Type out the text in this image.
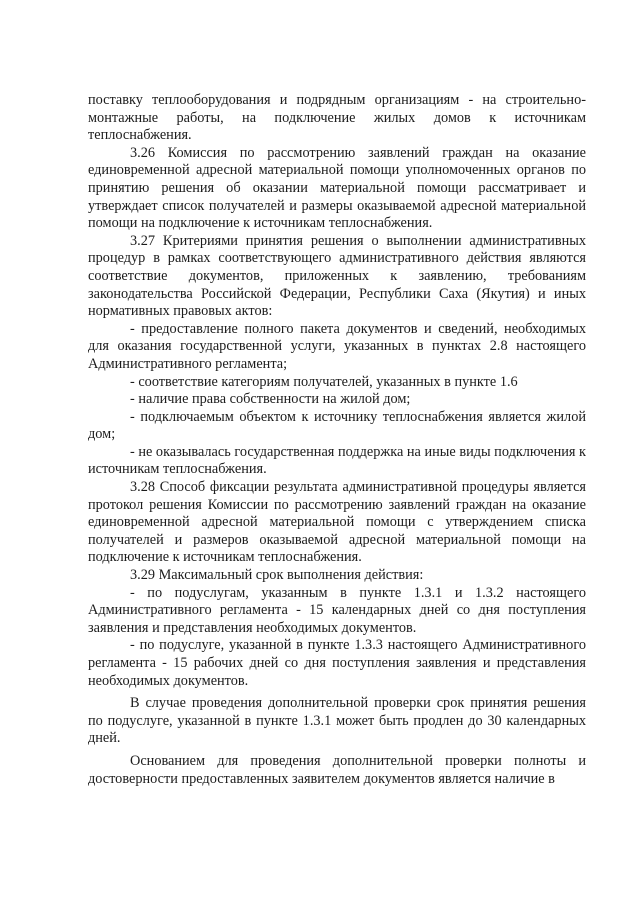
поставку теплооборудования и подрядным организациям - на строительно-монтажные работы, на подключение жилых домов к источникам теплоснабжения.

3.26 Комиссия по рассмотрению заявлений граждан на оказание единовременной адресной материальной помощи уполномоченных органов по принятию решения об оказании материальной помощи рассматривает и утверждает список получателей и размеры оказываемой адресной материальной помощи на подключение к источникам теплоснабжения.

3.27 Критериями принятия решения о выполнении административных процедур в рамках соответствующего административного действия являются соответствие документов, приложенных к заявлению, требованиям законодательства Российской Федерации, Республики Саха (Якутия) и иных нормативных правовых актов:

- предоставление полного пакета документов и сведений, необходимых для оказания государственной услуги, указанных в пунктах 2.8 настоящего Административного регламента;

- соответствие категориям получателей, указанных в пункте 1.6

- наличие права собственности на жилой дом;

- подключаемым объектом к источнику теплоснабжения является жилой дом;

- не оказывалась государственная поддержка на иные виды подключения к источникам теплоснабжения.

3.28 Способ фиксации результата административной процедуры является протокол решения Комиссии по рассмотрению заявлений граждан на оказание единовременной адресной материальной помощи с утверждением списка получателей и размеров оказываемой адресной материальной помощи на подключение к источникам теплоснабжения.

3.29 Максимальный срок выполнения действия:

- по подуслугам, указанным в пункте 1.3.1 и 1.3.2 настоящего Административного регламента - 15 календарных дней со дня поступления заявления и представления необходимых документов.

- по подуслуге, указанной в пункте 1.3.3 настоящего Административного регламента - 15 рабочих дней со дня поступления заявления и представления необходимых документов.

В случае проведения дополнительной проверки срок принятия решения по подуслуге, указанной в пункте 1.3.1 может быть продлен до 30 календарных дней.

Основанием для проведения дополнительной проверки полноты и достоверности предоставленных заявителем документов является наличие в
